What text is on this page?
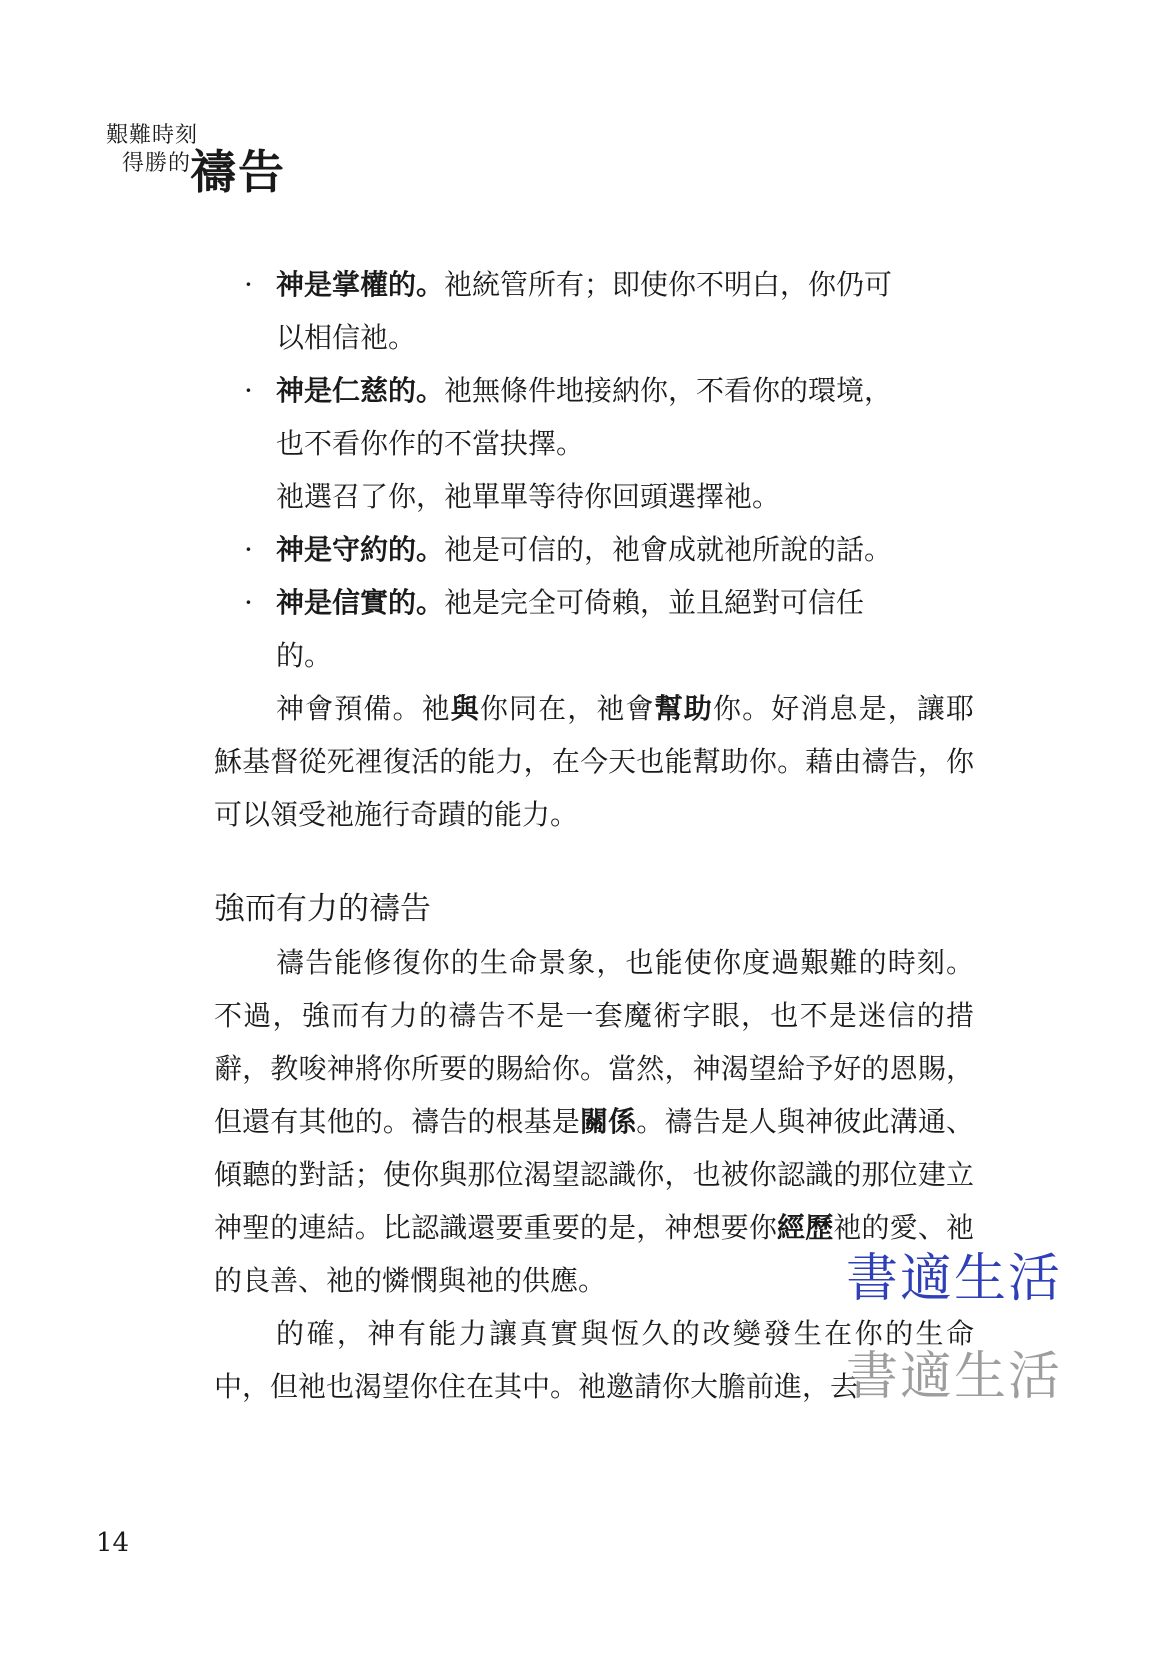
艱難時刻
得勝的
禱告

· 神是掌權的。祂統管所有；即使你不明白，你仍可
以相信祂。

· 神是仁慈的。祂無條件地接納你，不看你的環境，
也不看你作的不當抉擇。

祂選召了你，祂單單等待你回頭選擇祂。

· 神是守約的。祂是可信的，祂會成就祂所說的話。

· 神是信實的。祂是完全可倚賴，並且絕對可信任
的。

神會預備。祂與你同在，祂會幫助你。好消息是，讓耶穌基督從死裡復活的能力，在今天也能幫助你。藉由禱告，你可以領受祂施行奇蹟的能力。

強而有力的禱告

禱告能修復你的生命景象，也能使你度過艱難的時刻。不過，強而有力的禱告不是一套魔術字眼，也不是迷信的措辭，教唆神將你所要的賜給你。當然，神渴望給予好的恩賜，但還有其他的。禱告的根基是關係。禱告是人與神彼此溝通、傾聽的對話；使你與那位渴望認識你，也被你認識的那位建立神聖的連結。比認識還要重要的是，神想要你經歷祂的愛、祂的良善、祂的憐憫與祂的供應。

的確，神有能力讓真實與恆久的改變發生在你的生命中，但祂也渴望你住在其中。祂邀請你大膽前進，去

14
書適生活
書適生活
